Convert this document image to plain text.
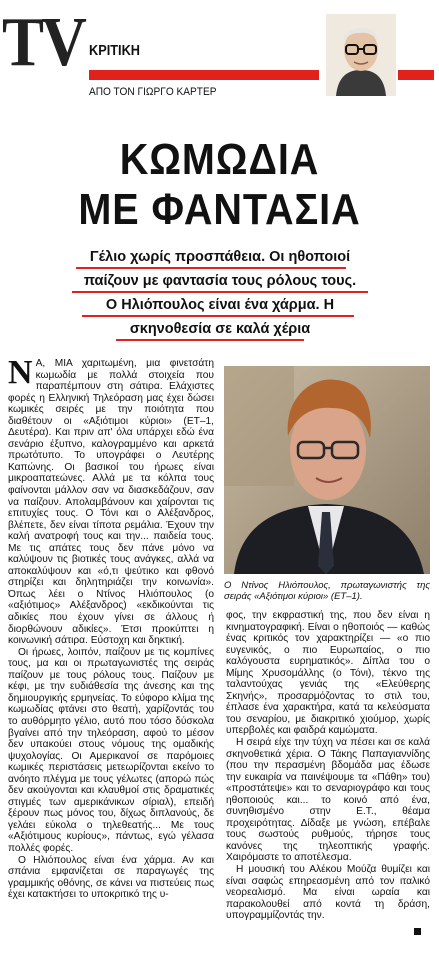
TV ΚΡΙΤΙΚΗ
ΑΠΟ ΤΟΝ ΓΙΩΡΓΟ ΚΑΡΤΕΡ
ΚΩΜΩΔΙΑ
ΜΕ ΦΑΝΤΑΣΙΑ
Γέλιο χωρίς προσπάθεια. Οι ηθοποιοί
παίζουν με φαντασία τους ρόλους τους.
Ο Ηλιόπουλος είναι ένα χάρμα. Η
σκηνοθεσία σε καλά χέρια

Ν Α, ΜΙΑ χαριτωμένη, μια φινετσάτη κωμωδία με πολλά στοιχεία που παραπέμπουν στη σάτιρα. Ελάχιστες φορές η Ελληνική Τηλεόραση μας έχει δώσει κωμικές σειρές με την ποιότητα που διαθέτουν οι «Αξιότιμοι κύριοι» (ΕΤ–1, Δευτέρα). Και πριν απ' όλα υπάρχει εδώ ένα σενάριο έξυπνο, καλογραμμένο και αρκετά πρωτότυπο. Το υπογράφει ο Λευτέρης Καπώνης. Οι βασικοί του ήρωες είναι μικροαπατεώνες. Αλλά με τα κόλπα τους φαίνονται μάλλον σαν να διασκεδάζουν, σαν να παίζουν. Απολαμβάνουν και χαίρονται τις επιτυχίες τους. Ο Τόνι και ο Αλέξανδρος, βλέπετε, δεν είναι τίποτα ρεμάλια. Έχουν την καλή ανατροφή τους και την... παιδεία τους. Με τις απάτες τους δεν πάνε μόνο να καλύψουν τις βιοτικές τους ανάγκες, αλλά να αποκαλύψουν και «ό,τι ψεύτικο και φθονό στηρίζει και δηλητηριάζει την κοινωνία». Όπως λέει ο Ντίνος Ηλιόπουλος (ο «αξιότιμος» Αλέξανδρος) «εκδικούνται τις αδικίες που έχουν γίνει σε άλλους ή διορθώνουν αδικίες». Έτσι προκύπτει η κοινωνική σάτιρα. Εύστοχη και δηκτική.

Οι ήρωες, λοιπόν, παίζουν με τις κομπίνες τους, μα και οι πρωταγωνιστές της σειράς παίζουν με τους ρόλους τους. Παίζουν με κέφι, με την ευδιάθεσία της άνεσης και της δημιουργικής ερμηνείας. Το εύφορο κλίμα της κωμωδίας φτάνει στο θεατή, χαρίζοντάς του το αυθόρμητο γέλιο, αυτό που τόσο δύσκολα βγαίνει από την τηλεόραση, αφού το μέσον δεν υπακούει στους νόμους της ομαδικής ψυχολογίας. Οι Αμερικανοί σε παρόμοιες κωμικές περιστάσεις μετεωρίζονται εκείνο το ανόητο πλέγμα με τους γέλωτες (απορώ πώς δεν ακούγονται και κλαυθμοί στις δραματικές στιγμές των αμερικάνικων σίριαλ), επειδή ξέρουν πως μόνος του, δίχως διπλανούς, δε γελάει εύκολα ο τηλεθεατής... Με τους «Αξιότιμους κυρίους», πάντως, εγώ γέλασα πολλές φορές.

Ο Ηλιόπουλος είναι ένα χάρμα. Αν και σπάνια εμφανίζεται σε παραγωγές της γραμμικής οθόνης, σε κάνει να πιστεύεις πως έχει κατακτήσει το υποκριτικό της υ-

Ο Ντίνος Ηλιόπουλος, πρωταγωνιστής της σειράς «Αξιότιμοι κύριοι» (ΕΤ–1).

φος, την εκφραστική της, που δεν είναι η κινηματογραφική. Είναι ο ηθοποιός — καθώς ένας κριτικός τον χαρακτηρίζει — «ο πιο ευγενικός, ο πιο Ευρωπαίος, ο πιο καλόγουστα ευρηματικός». Δίπλα του ο Μίμης Χρυσομάλλης (ο Τόνι), τέκνο της ταλαντούχας γενιάς της «Ελεύθερης Σκηνής», προσαρμόζοντας το στιλ του, έπλασε ένα χαρακτήρα, κατά τα κελεύσματα του σεναρίου, με διακριτικό χιούμορ, χωρίς υπερβολές και φαιδρά καμώματα.

Η σειρά είχε την τύχη να πέσει και σε καλά σκηνοθετικά χέρια. Ο Τάκης Παπαγιαννίδης (που την περασμένη βδομάδα μας έδωσε την ευκαιρία να παινέψουμε τα «Πάθη» του) «προστάτεψε» και το σεναριογράφο και τους ηθοποιούς και... το κοινό από ένα, συνηθισμένο στην Ε.Τ., θέαμα προχειρότητας. Δίδαξε με γνώση, επέβαλε τους σωστούς ρυθμούς, τήρησε τους κανόνες της τηλεοπτικής γραφής. Χαιρόμαστε το αποτέλεσμα.

Η μουσική του Αλέκου Μούζα θυμίζει και είναι σαφώς επηρεασμένη από τον ιταλικό νεορεαλισμό. Μα είναι ωραία και παρακολουθεί από κοντά τη δράση, υπογραμμίζοντάς την.
